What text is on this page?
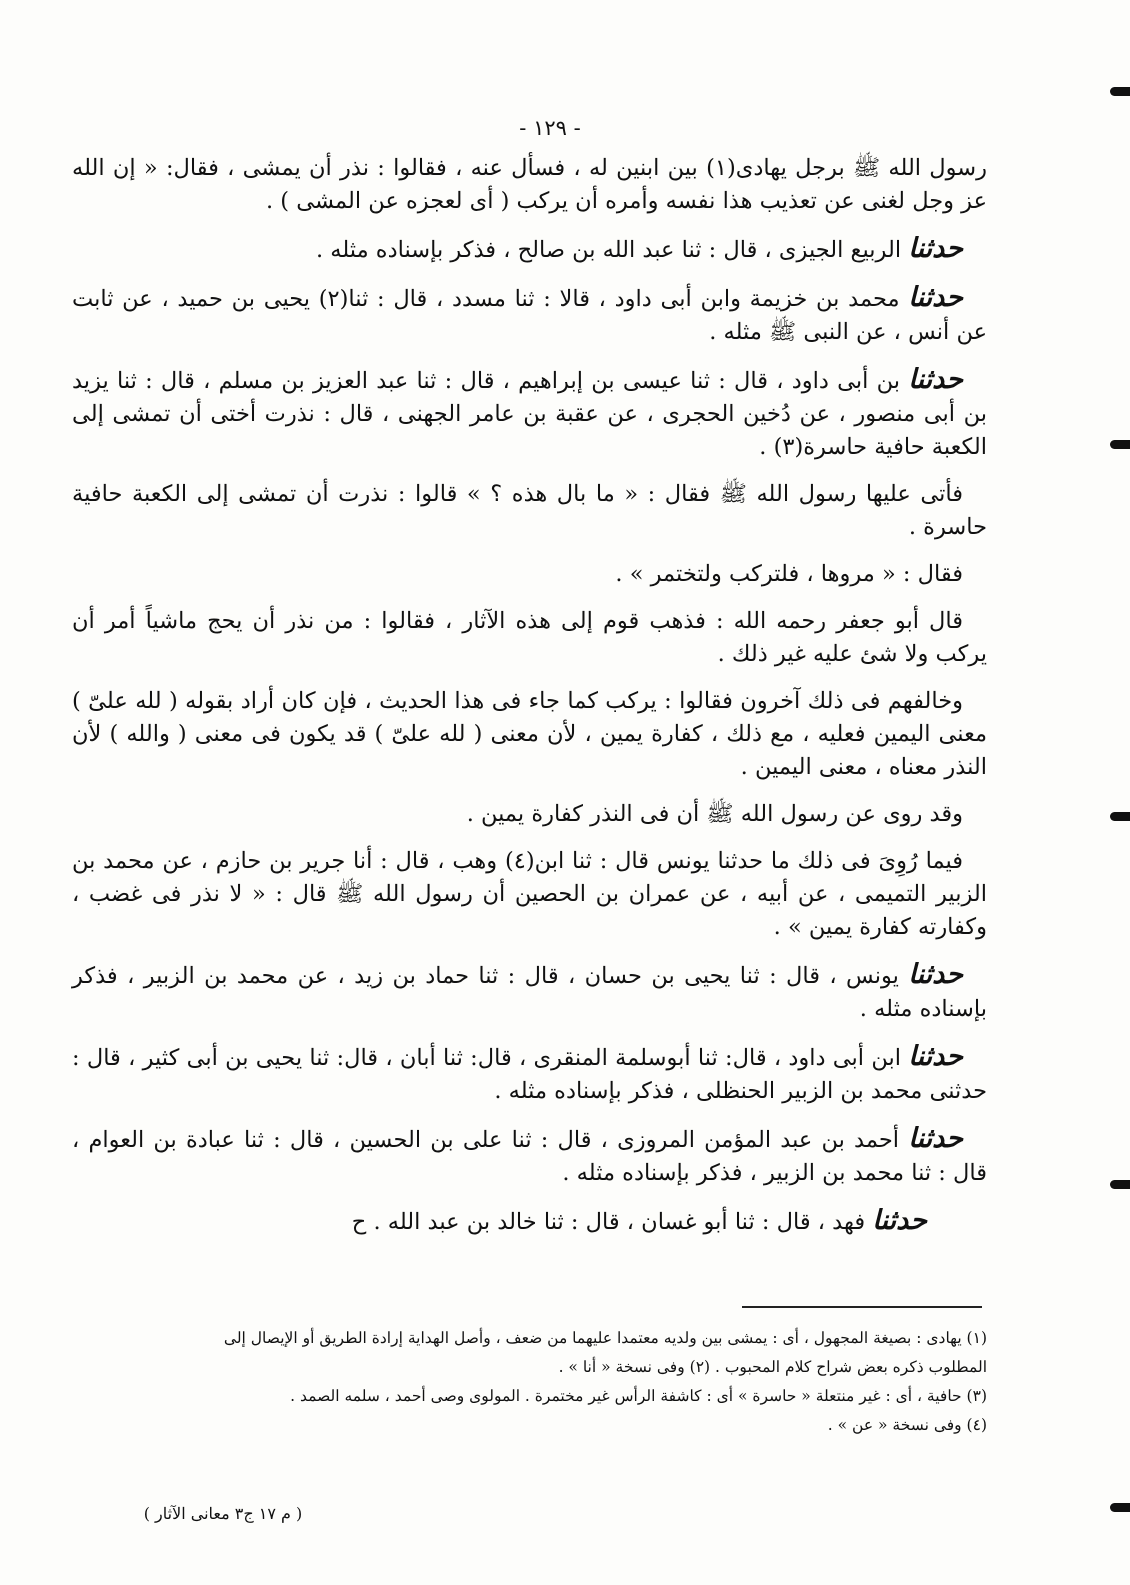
- ١٢٩ -

رسول الله ﷺ برجل يهادى(١) بين ابنين له ، فسأل عنه ، فقالوا : نذر أن يمشى ، فقال: « إن الله عز وجل لغنى عن تعذيب هذا نفسه وأمره أن يركب ( أى لعجزه عن المشى ) .

حدثنا الربيع الجيزى ، قال : ثنا عبد الله بن صالح ، فذكر بإسناده مثله .

حدثنا محمد بن خزيمة وابن أبى داود ، قالا : ثنا مسدد ، قال : ثنا(٢) يحيى بن حميد ، عن ثابت عن أنس ، عن النبى ﷺ مثله .

حدثنا بن أبى داود ، قال : ثنا عيسى بن إبراهيم ، قال : ثنا عبد العزيز بن مسلم ، قال : ثنا يزيد بن أبى منصور ، عن دُخين الحجرى ، عن عقبة بن عامر الجهنى ، قال : نذرت أختى أن تمشى إلى الكعبة حافية حاسرة(٣) .

فأتى عليها رسول الله ﷺ فقال : « ما بال هذه ؟ » قالوا : نذرت أن تمشى إلى الكعبة حافية حاسرة .

فقال : « مروها ، فلتركب ولتختمر » .

قال أبو جعفر رحمه الله : فذهب قوم إلى هذه الآثار ، فقالوا : من نذر أن يحج ماشياً أمر أن يركب ولا شئ عليه غير ذلك .

وخالفهم فى ذلك آخرون فقالوا : يركب كما جاء فى هذا الحديث ، فإن كان أراد بقوله ( لله علىّ ) معنى اليمين فعليه ، مع ذلك ، كفارة يمين ، لأن معنى ( لله علىّ ) قد يكون فى معنى ( والله ) لأن النذر معناه ، معنى اليمين .

وقد روى عن رسول الله ﷺ أن فى النذر كفارة يمين .

فيما رُوِىَ فى ذلك ما حدثنا يونس قال : ثنا ابن(٤) وهب ، قال : أنا جرير بن حازم ، عن محمد بن الزبير التميمى ، عن أبيه ، عن عمران بن الحصين أن رسول الله ﷺ قال : « لا نذر فى غضب ، وكفارته كفارة يمين » .

حدثنا يونس ، قال : ثنا يحيى بن حسان ، قال : ثنا حماد بن زيد ، عن محمد بن الزبير ، فذكر بإسناده مثله .

حدثنا ابن أبى داود ، قال: ثنا أبوسلمة المنقرى ، قال: ثنا أبان ، قال: ثنا يحيى بن أبى كثير ، قال : حدثنى محمد بن الزبير الحنظلى ، فذكر بإسناده مثله .

حدثنا أحمد بن عبد المؤمن المروزى ، قال : ثنا على بن الحسين ، قال : ثنا عبادة بن العوام ، قال : ثنا محمد بن الزبير ، فذكر بإسناده مثله .

حدثنا فهد ، قال : ثنا أبو غسان ، قال : ثنا خالد بن عبد الله . ح

(١) يهادى : بصيغة المجهول ، أى : يمشى بين ولديه معتمدا عليهما من ضعف ، وأصل الهداية إرادة الطريق أو الإيصال إلى

المطلوب ذكره بعض شراح كلام المحبوب . (٢) وفى نسخة « أنا » .

(٣) حافية ، أى : غير منتعلة « حاسرة » أى : كاشفة الرأس غير مختمرة . المولوى وصى أحمد ، سلمه الصمد .

(٤) وفى نسخة « عن » .

( م ١٧ ج٣ معانى الآثار )
